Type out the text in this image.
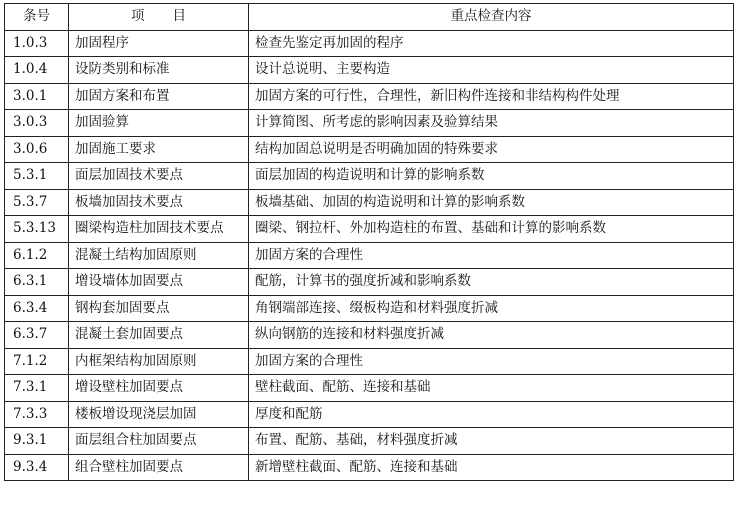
条号	项目	重点检查内容
1.0.3	加固程序	检查先鉴定再加固的程序
1.0.4	设防类别和标准	设计总说明、主要构造
3.0.1	加固方案和布置	加固方案的可行性，合理性，新旧构件连接和非结构构件处理
3.0.3	加固验算	计算简图、所考虑的影响因素及验算结果
3.0.6	加固施工要求	结构加固总说明是否明确加固的特殊要求
5.3.1	面层加固技术要点	面层加固的构造说明和计算的影响系数
5.3.7	板墙加固技术要点	板墙基础、加固的构造说明和计算的影响系数
5.3.13	圈梁构造柱加固技术要点	圈梁、钢拉杆、外加构造柱的布置、基础和计算的影响系数
6.1.2	混凝土结构加固原则	加固方案的合理性
6.3.1	增设墙体加固要点	配筋，计算书的强度折减和影响系数
6.3.4	钢构套加固要点	角钢端部连接、缀板构造和材料强度折减
6.3.7	混凝土套加固要点	纵向钢筋的连接和材料强度折减
7.1.2	内框架结构加固原则	加固方案的合理性
7.3.1	增设壁柱加固要点	壁柱截面、配筋、连接和基础
7.3.3	楼板增设现浇层加固	厚度和配筋
9.3.1	面层组合柱加固要点	布置、配筋、基础，材料强度折减
9.3.4	组合壁柱加固要点	新增壁柱截面、配筋、连接和基础
